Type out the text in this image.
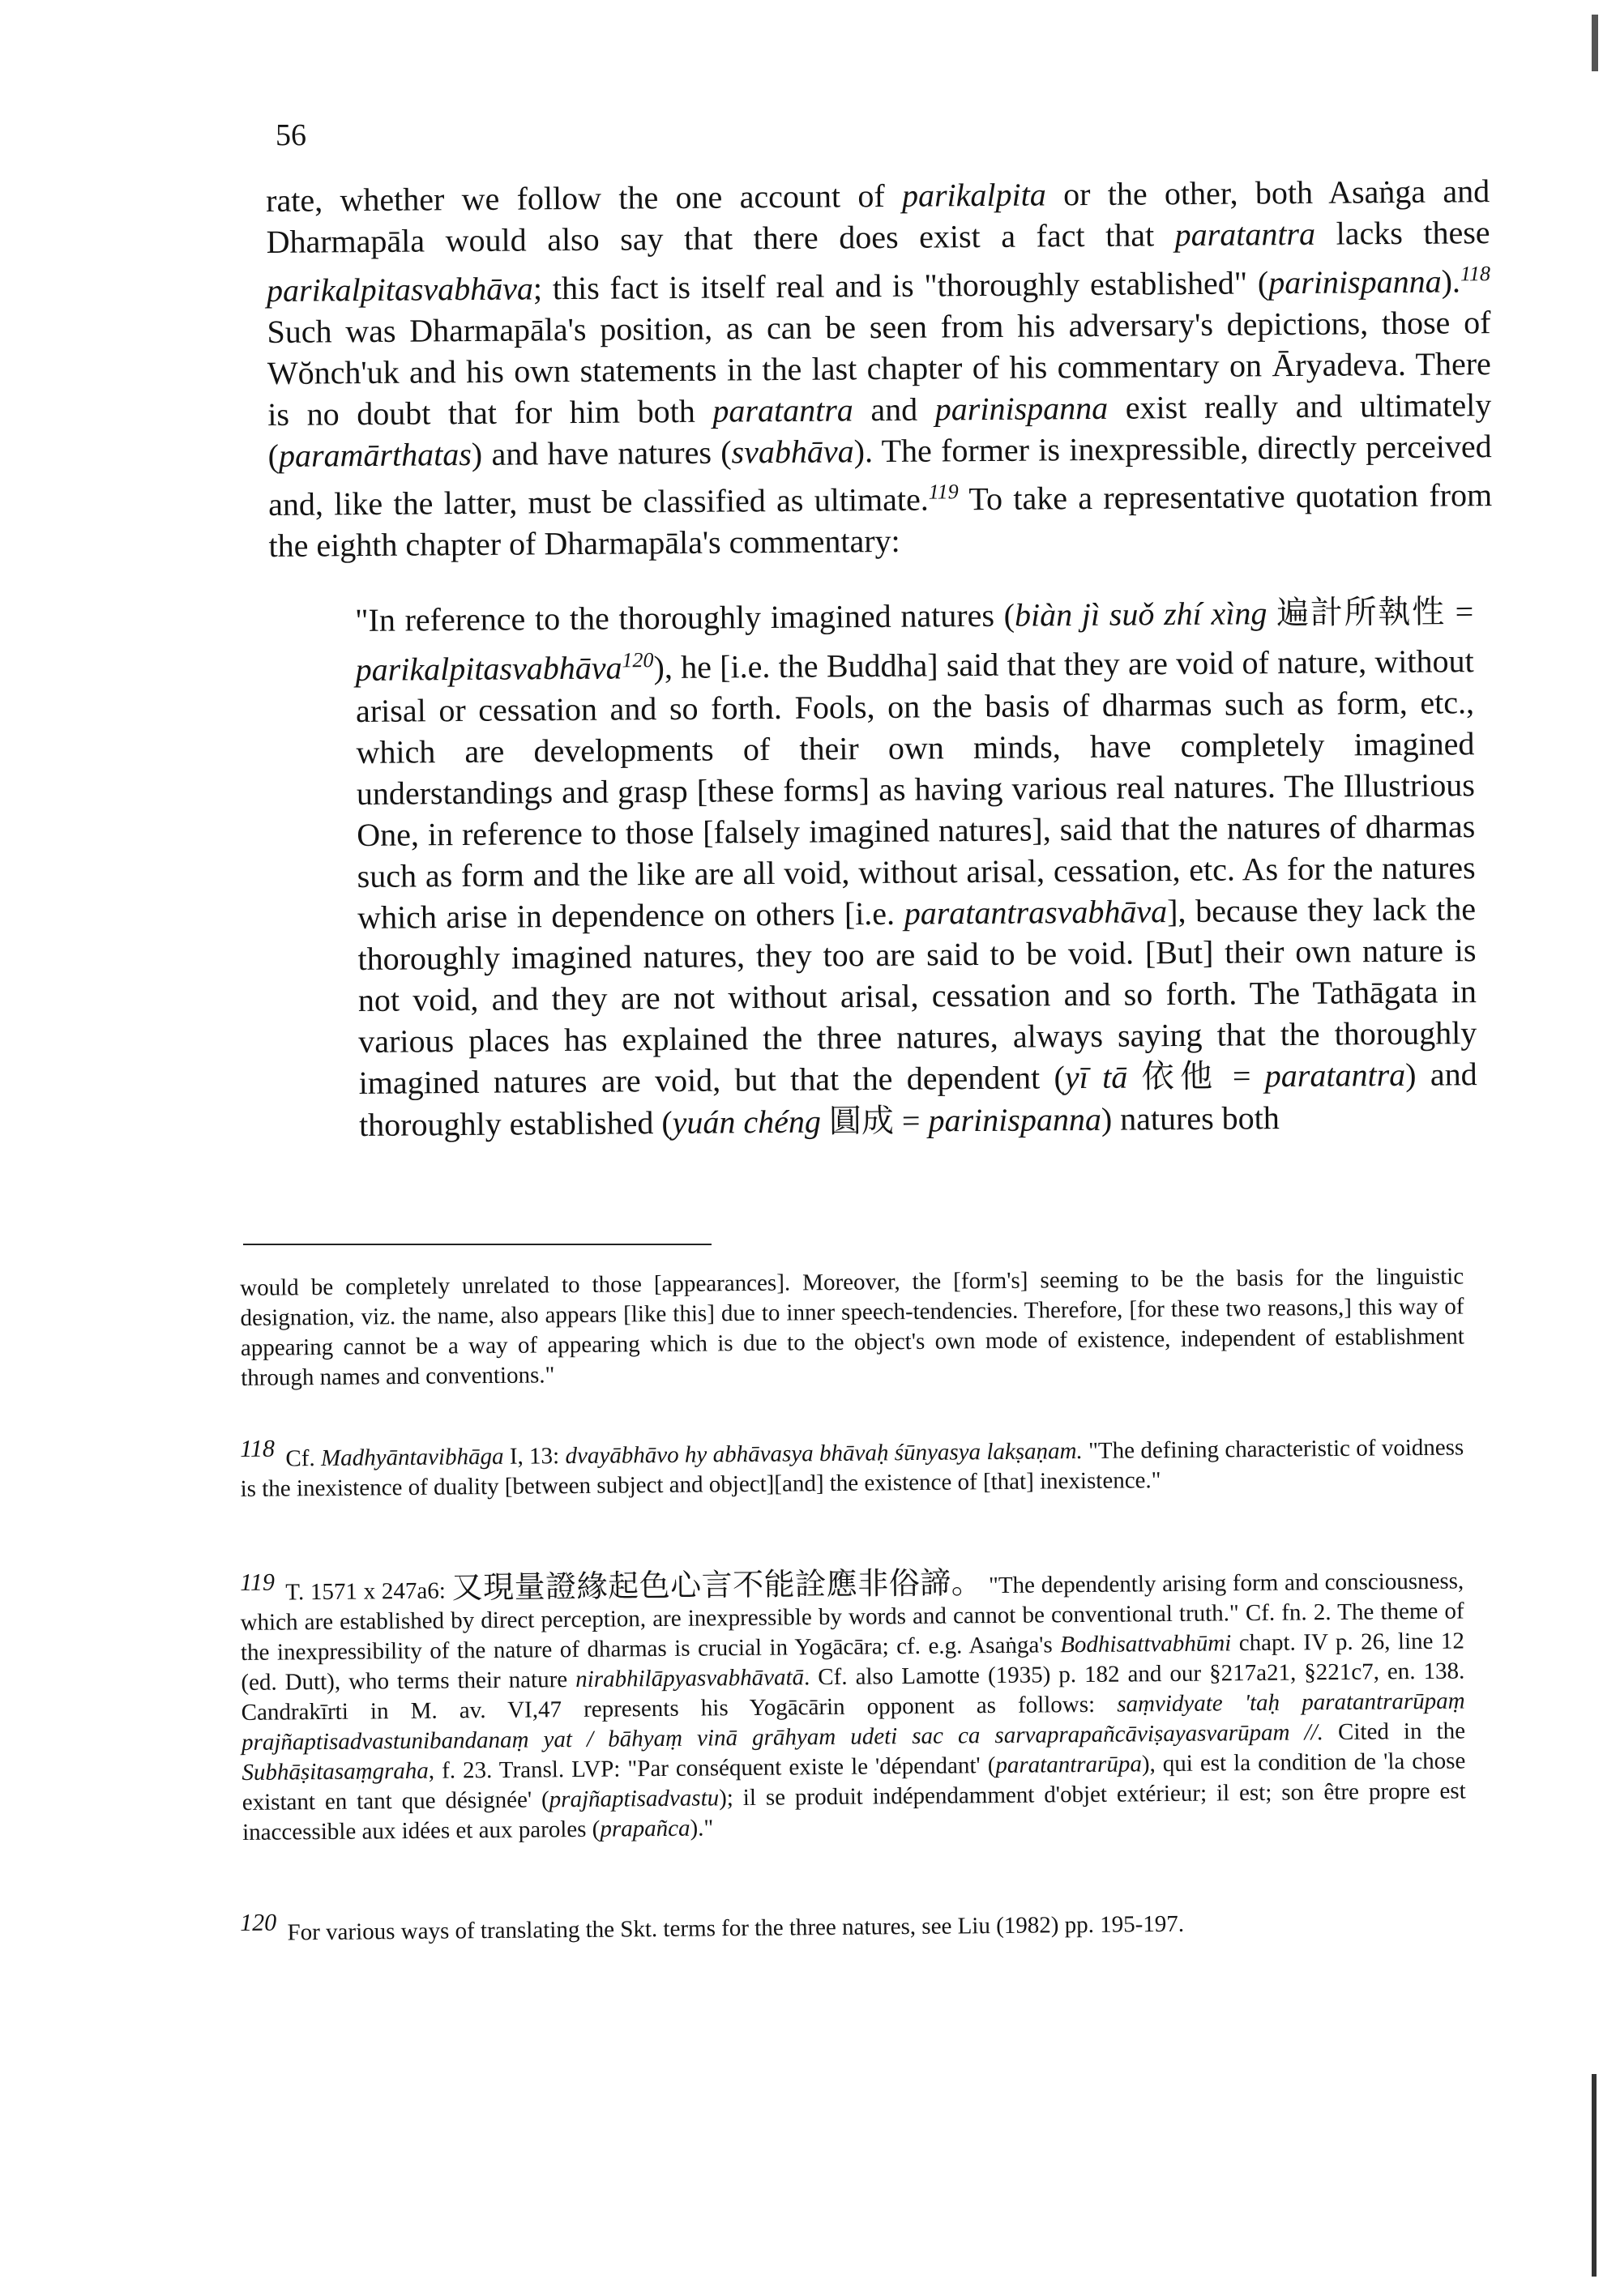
56

rate, whether we follow the one account of parikalpita or the other, both Asaṅga and Dharmapāla would also say that there does exist a fact that paratantra lacks these parikalpitasvabhāva; this fact is itself real and is "thoroughly established" (parinispanna).$^{118}$ Such was Dharmapāla's position, as can be seen from his adversary's depictions, those of Wŏnch'uk and his own statements in the last chapter of his commentary on Āryadeva. There is no doubt that for him both paratantra and parinispanna exist really and ultimately (paramārthatas) and have natures (svabhāva). The former is inexpressible, directly perceived and, like the latter, must be classified as ultimate.$^{119}$ To take a representative quotation from the eighth chapter of Dharmapāla's commentary:

"In reference to the thoroughly imagined natures (biàn jì suǒ zhí xìng 遍計所執性 = parikalpitasvabhāva$^{120}$), he [i.e. the Buddha] said that they are void of nature, without arisal or cessation and so forth. Fools, on the basis of dharmas such as form, etc., which are developments of their own minds, have completely imagined understandings and grasp [these forms] as having various real natures. The Illustrious One, in reference to those [falsely imagined natures], said that the natures of dharmas such as form and the like are all void, without arisal, cessation, etc. As for the natures which arise in dependence on others [i.e. paratantrasvabhāva], because they lack the thoroughly imagined natures, they too are said to be void. [But] their own nature is not void, and they are not without arisal, cessation and so forth. The Tathāgata in various places has explained the three natures, always saying that the thoroughly imagined natures are void, but that the dependent (yī tā 依他 = paratantra) and thoroughly established (yuán chéng 圓成 = parinispanna) natures both

would be completely unrelated to those [appearances]. Moreover, the [form's] seeming to be the basis for the linguistic designation, viz. the name, also appears [like this] due to inner speech-tendencies. Therefore, [for these two reasons,] this way of appearing cannot be a way of appearing which is due to the object's own mode of existence, independent of establishment through names and conventions."

118 Cf. Madhyāntavibhāga I, 13: dvayābhāvo hy abhāvasya bhāvaḥ śūnyasya lakṣaṇam. "The defining characteristic of voidness is the inexistence of duality [between subject and object][and] the existence of [that] inexistence."

119 T. 1571 x 247a6: 又現量證緣起色心言不能詮應非俗諦。 "The dependently arising form and consciousness, which are established by direct perception, are inexpressible by words and cannot be conventional truth." Cf. fn. 2. The theme of the inexpressibility of the nature of dharmas is crucial in Yogācāra; cf. e.g. Asaṅga's Bodhisattvabhūmi chapt. IV p. 26, line 12 (ed. Dutt), who terms their nature nirabhilāpyasvabhāvatā. Cf. also Lamotte (1935) p. 182 and our §217a21, §221c7, en. 138. Candrakīrti in M. av. VI,47 represents his Yogācārin opponent as follows: saṃvidyate 'taḥ paratantrarūpaṃ prajñaptisadvastunibandanaṃ yat / bāhyaṃ vinā grāhyam udeti sac ca sarvaprapañcāviṣayasvarūpam //. Cited in the Subhāṣitasaṃgraha, f. 23. Transl. LVP: "Par conséquent existe le 'dépendant' (paratantrarūpa), qui est la condition de 'la chose existant en tant que désignée' (prajñaptisadvastu); il se produit indépendamment d'objet extérieur; il est; son être propre est inaccessible aux idées et aux paroles (prapañca)."

120 For various ways of translating the Skt. terms for the three natures, see Liu (1982) pp. 195-197.
